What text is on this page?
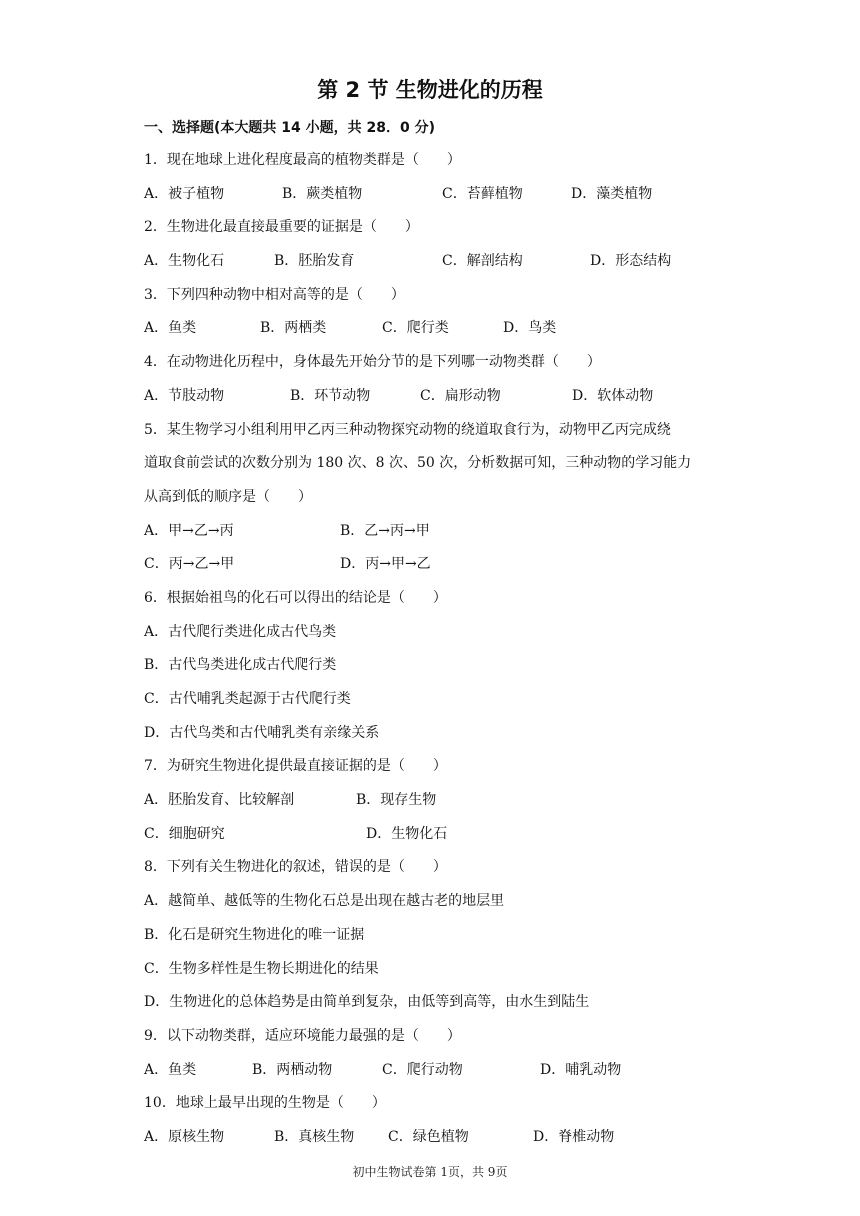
第 2 节 生物进化的历程
一、选择题(本大题共 14 小题，共 28．0 分)
1．现在地球上进化程度最高的植物类群是（　　）
A．被子植物	B．蕨类植物	C．苔藓植物	D．藻类植物
2．生物进化最直接最重要的证据是（　　）
A．生物化石	B．胚胎发育	C．解剖结构	D．形态结构
3．下列四种动物中相对高等的是（　　）
A．鱼类	B．两栖类	C．爬行类	D．鸟类
4．在动物进化历程中，身体最先开始分节的是下列哪一动物类群（　　）
A．节肢动物	B．环节动物	C．扁形动物	D．软体动物
5．某生物学习小组利用甲乙丙三种动物探究动物的绕道取食行为，动物甲乙丙完成绕
道取食前尝试的次数分别为 180 次、8 次、50 次，分析数据可知，三种动物的学习能力
从高到低的顺序是（　　）
A．甲→乙→丙	B．乙→丙→甲
C．丙→乙→甲	D．丙→甲→乙
6．根据始祖鸟的化石可以得出的结论是（　　）
A．古代爬行类进化成古代鸟类
B．古代鸟类进化成古代爬行类
C．古代哺乳类起源于古代爬行类
D．古代鸟类和古代哺乳类有亲缘关系
7．为研究生物进化提供最直接证据的是（　　）
A．胚胎发育、比较解剖	B．现存生物
C．细胞研究	D．生物化石
8．下列有关生物进化的叙述，错误的是（　　）
A．越简单、越低等的生物化石总是出现在越古老的地层里
B．化石是研究生物进化的唯一证据
C．生物多样性是生物长期进化的结果
D．生物进化的总体趋势是由简单到复杂，由低等到高等，由水生到陆生
9．以下动物类群，适应环境能力最强的是（　　）
A．鱼类	B．两栖动物	C．爬行动物	D．哺乳动物
10．地球上最早出现的生物是（　　）
A．原核生物	B．真核生物 C．绿色植物	D．脊椎动物
初中生物试卷第 1页，共 9页
